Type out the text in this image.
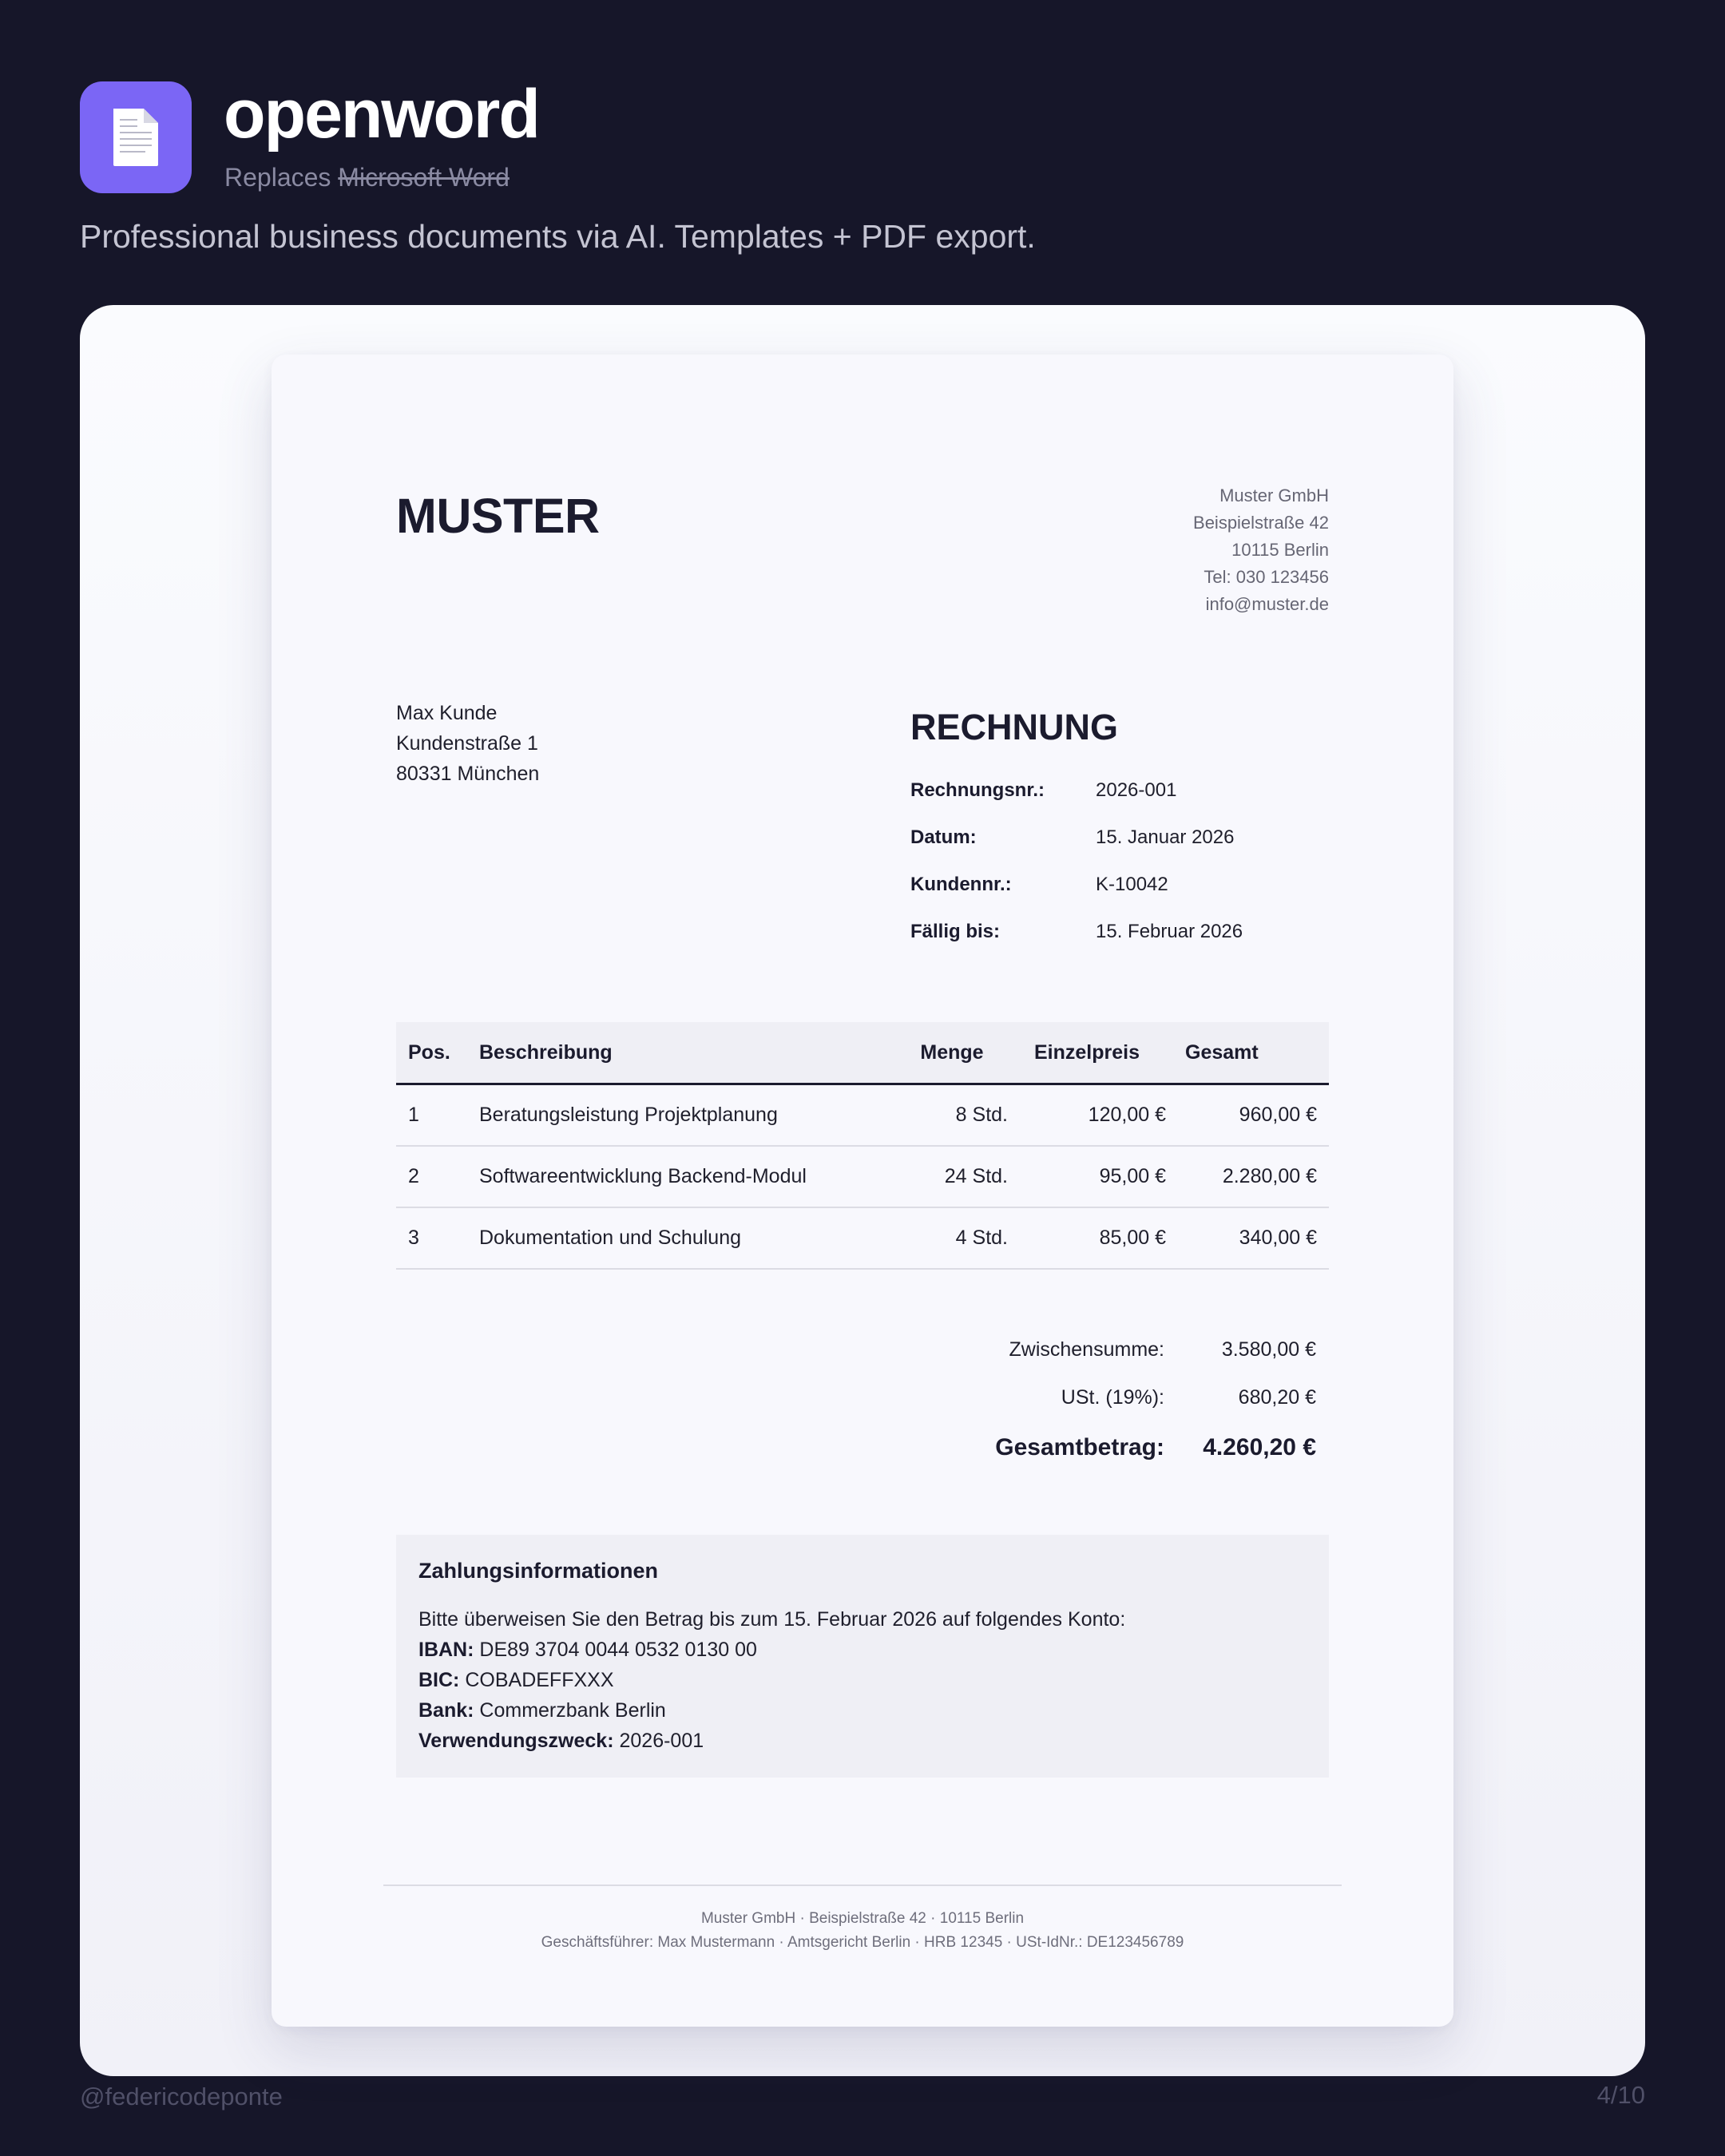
openword
Replaces Microsoft Word
Professional business documents via AI. Templates + PDF export.
MUSTER	Muster GmbH
Beispielstraße 42
10115 Berlin
Tel: 030 123456
info@muster.de
Max Kunde
Kundenstraße 1
80331 München
RECHNUNG
Rechnungsnr.:	2026-001
Datum:	15. Januar 2026
Kundennr.:	K-10042
Fällig bis:	15. Februar 2026
Pos.	Beschreibung	Menge	Einzelpreis	Gesamt
1	Beratungsleistung Projektplanung	8 Std.	120,00 €	960,00 €
2	Softwareentwicklung Backend-Modul	24 Std.	95,00 €	2.280,00 €
3	Dokumentation und Schulung	4 Std.	85,00 €	340,00 €
Zwischensumme:	3.580,00 €
USt. (19%):	680,20 €
Gesamtbetrag: 4.260,20 €
Zahlungsinformationen
Bitte überweisen Sie den Betrag bis zum 15. Februar 2026 auf folgendes Konto:
IBAN: DE89 3704 0044 0532 0130 00
BIC: COBADEFFXXX
Bank: Commerzbank Berlin
Verwendungszweck: 2026-001
Muster GmbH · Beispielstraße 42 · 10115 Berlin
Geschäftsführer: Max Mustermann · Amtsgericht Berlin · HRB 12345 · USt-IdNr.: DE123456789
@federicodeponte	4/10
